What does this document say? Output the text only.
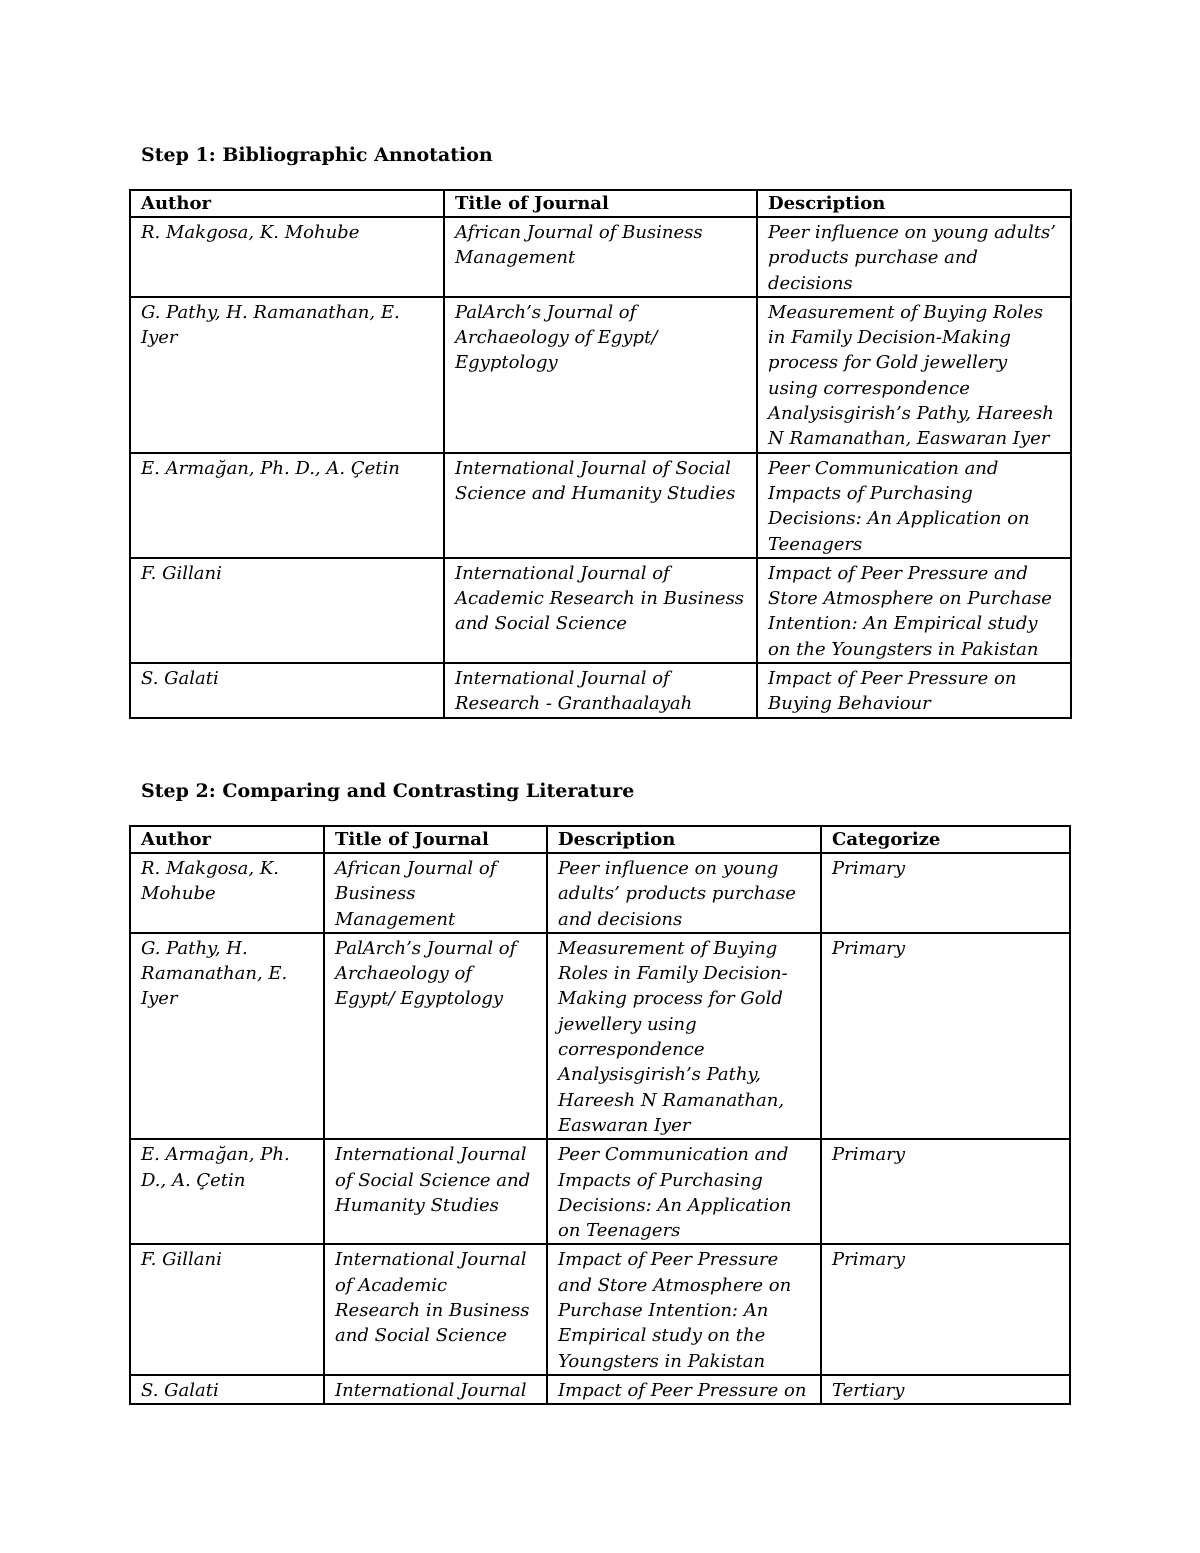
Step 1: Bibliographic Annotation
Author	Title of Journal	Description
R. Makgosa, K. Mohube	African Journal of Business Management	Peer influence on young adults’ products purchase and decisions
G. Pathy, H. Ramanathan, E. Iyer	PalArch’s Journal of Archaeology of Egypt/ Egyptology	Measurement of Buying Roles in Family Decision-Making process for Gold jewellery using correspondence Analysisgirish’s Pathy, Hareesh N Ramanathan, Easwaran Iyer
E. Armağan, Ph. D., A. Çetin	International Journal of Social Science and Humanity Studies	Peer Communication and Impacts of Purchasing Decisions: An Application on Teenagers
F. Gillani	International Journal of Academic Research in Business and Social Science	Impact of Peer Pressure and Store Atmosphere on Purchase Intention: An Empirical study on the Youngsters in Pakistan
S. Galati	International Journal of Research - Granthaalayah	Impact of Peer Pressure on Buying Behaviour
Step 2: Comparing and Contrasting Literature
Author	Title of Journal	Description	Categorize
R. Makgosa, K. Mohube	African Journal of Business Management	Peer influence on young adults’ products purchase and decisions	Primary
G. Pathy, H. Ramanathan, E. Iyer	PalArch’s Journal of Archaeology of Egypt/ Egyptology	Measurement of Buying Roles in Family Decision-Making process for Gold jewellery using correspondence Analysisgirish’s Pathy, Hareesh N Ramanathan, Easwaran Iyer	Primary
E. Armağan, Ph. D., A. Çetin	International Journal of Social Science and Humanity Studies	Peer Communication and Impacts of Purchasing Decisions: An Application on Teenagers	Primary
F. Gillani	International Journal of Academic Research in Business and Social Science	Impact of Peer Pressure and Store Atmosphere on Purchase Intention: An Empirical study on the Youngsters in Pakistan	Primary
S. Galati	International Journal	Impact of Peer Pressure on	Tertiary
